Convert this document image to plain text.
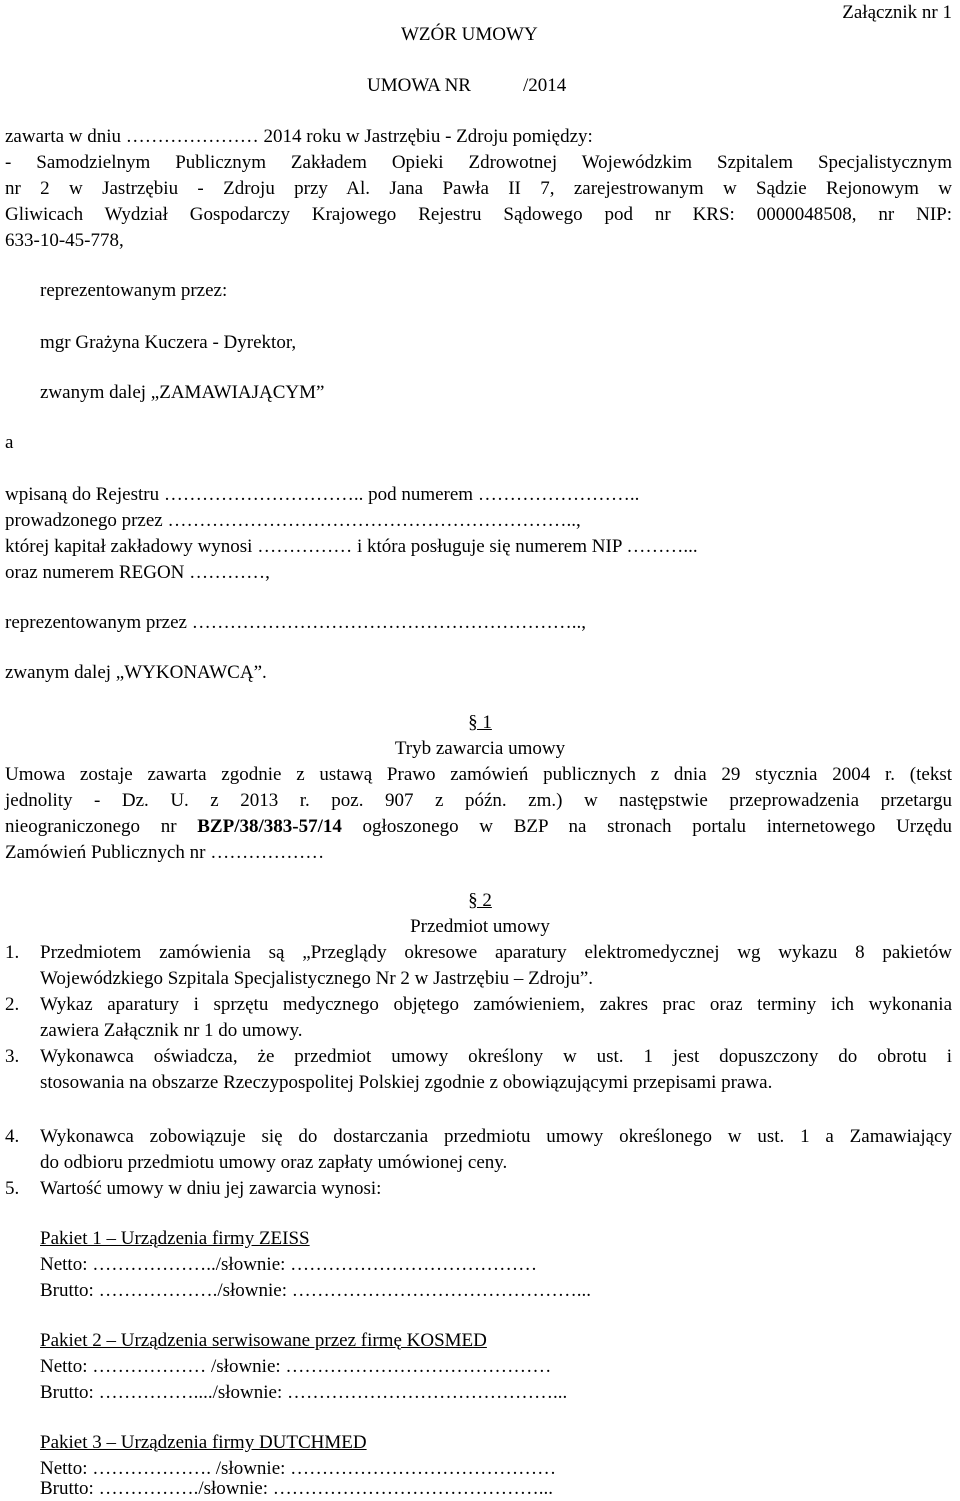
Załącznik nr 1
WZÓR UMOWY
UMOWA NR	/2014
zawarta w dniu ………………… 2014 roku w Jastrzębiu - Zdroju pomiędzy:
- Samodzielnym Publicznym Zakładem Opieki Zdrowotnej Wojewódzkim Szpitalem Specjalistycznym
nr 2 w Jastrzębiu - Zdroju przy Al. Jana Pawła II 7, zarejestrowanym w Sądzie Rejonowym w
Gliwicach Wydział Gospodarczy Krajowego Rejestru Sądowego pod nr KRS: 0000048508, nr NIP:
633-10-45-778,
reprezentowanym przez:
mgr Grażyna Kuczera - Dyrektor,
zwanym dalej „ZAMAWIAJĄCYM”
a
wpisaną do Rejestru ………………………….. pod numerem ……………………..
prowadzonego przez ………………………………………………………..,
której kapitał zakładowy wynosi …………… i która posługuje się numerem NIP ………...
oraz numerem REGON …………,
reprezentowanym przez ……………………………………………………..,
zwanym dalej „WYKONAWCĄ”.
§ 1
Tryb zawarcia umowy
Umowa zostaje zawarta zgodnie z ustawą Prawo zamówień publicznych z dnia 29 stycznia 2004 r. (tekst
jednolity - Dz. U. z 2013 r. poz. 907 z późn. zm.) w następstwie przeprowadzenia przetargu
nieograniczonego nr BZP/38/383-57/14 ogłoszonego w BZP na stronach portalu internetowego Urzędu
Zamówień Publicznych nr ………………
§ 2
Przedmiot umowy
1. Przedmiotem zamówienia są „Przeglądy okresowe aparatury elektromedycznej wg wykazu 8 pakietów
Wojewódzkiego Szpitala Specjalistycznego Nr 2 w Jastrzębiu – Zdroju”.
2. Wykaz aparatury i sprzętu medycznego objętego zamówieniem, zakres prac oraz terminy ich wykonania
zawiera Załącznik nr 1 do umowy.
3. Wykonawca oświadcza, że przedmiot umowy określony w ust. 1 jest dopuszczony do obrotu i
stosowania na obszarze Rzeczypospolitej Polskiej zgodnie z obowiązującymi przepisami prawa.
4. Wykonawca zobowiązuje się do dostarczania przedmiotu umowy określonego w ust. 1 a Zamawiający
do odbioru przedmiotu umowy oraz zapłaty umówionej ceny.
5. Wartość umowy w dniu jej zawarcia wynosi:
Pakiet 1 – Urządzenia firmy ZEISS
Netto: ………………../słownie: …………………………………
Brutto: ………………./słownie: ………………………………………...
Pakiet 2 – Urządzenia serwisowane przez firmę KOSMED
Netto: ……………… /słownie: ……………………………………
Brutto: ……………..../słownie: ……………………………………...
Pakiet 3 – Urządzenia firmy DUTCHMED
Netto: ………………. /słownie: ……………………………………
Brutto: ……………./słownie: ……………………………………...
